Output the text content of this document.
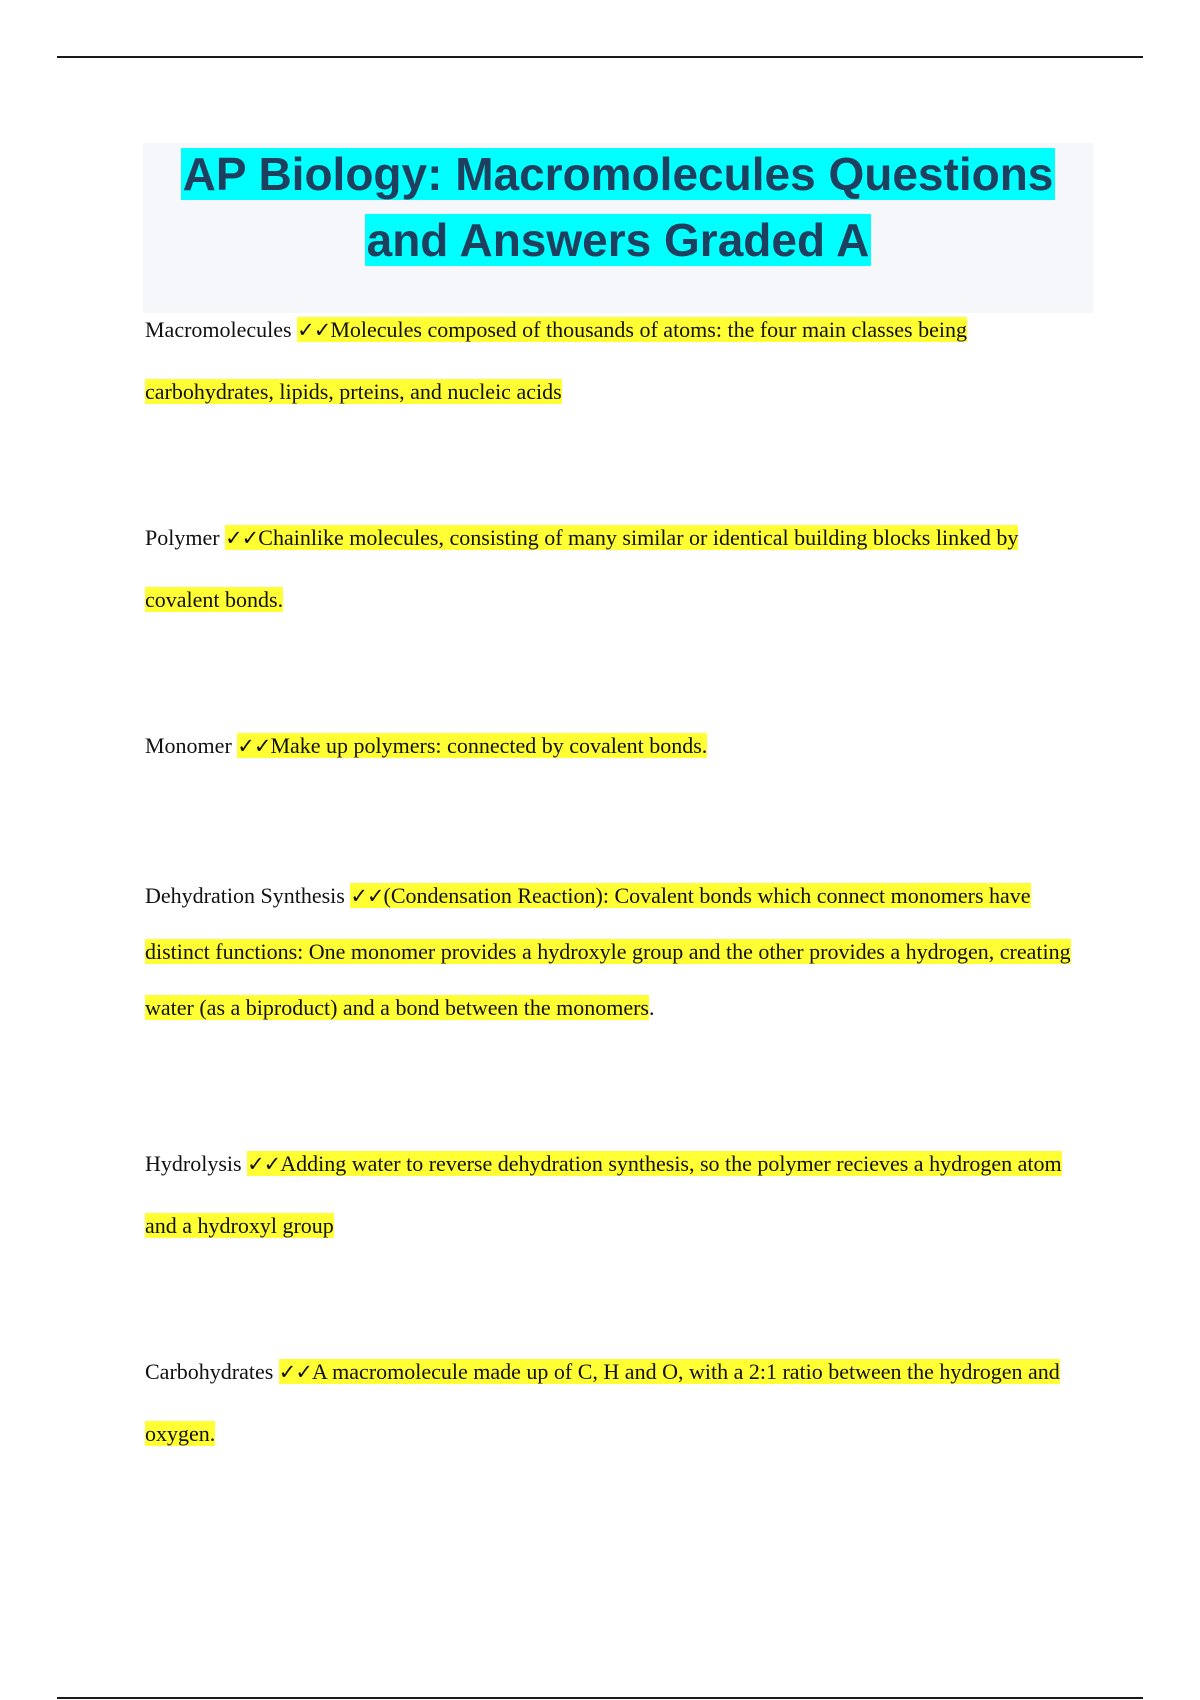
AP Biology: Macromolecules Questions and Answers Graded A
Macromolecules ✓✓Molecules composed of thousands of atoms: the four main classes being carbohydrates, lipids, prteins, and nucleic acids
Polymer ✓✓Chainlike molecules, consisting of many similar or identical building blocks linked by covalent bonds.
Monomer ✓✓Make up polymers: connected by covalent bonds.
Dehydration Synthesis ✓✓(Condensation Reaction): Covalent bonds which connect monomers have distinct functions: One monomer provides a hydroxyle group and the other provides a hydrogen, creating water (as a biproduct) and a bond between the monomers.
Hydrolysis ✓✓Adding water to reverse dehydration synthesis, so the polymer recieves a hydrogen atom and a hydroxyl group
Carbohydrates ✓✓A macromolecule made up of C, H and O, with a 2:1 ratio between the hydrogen and oxygen.
